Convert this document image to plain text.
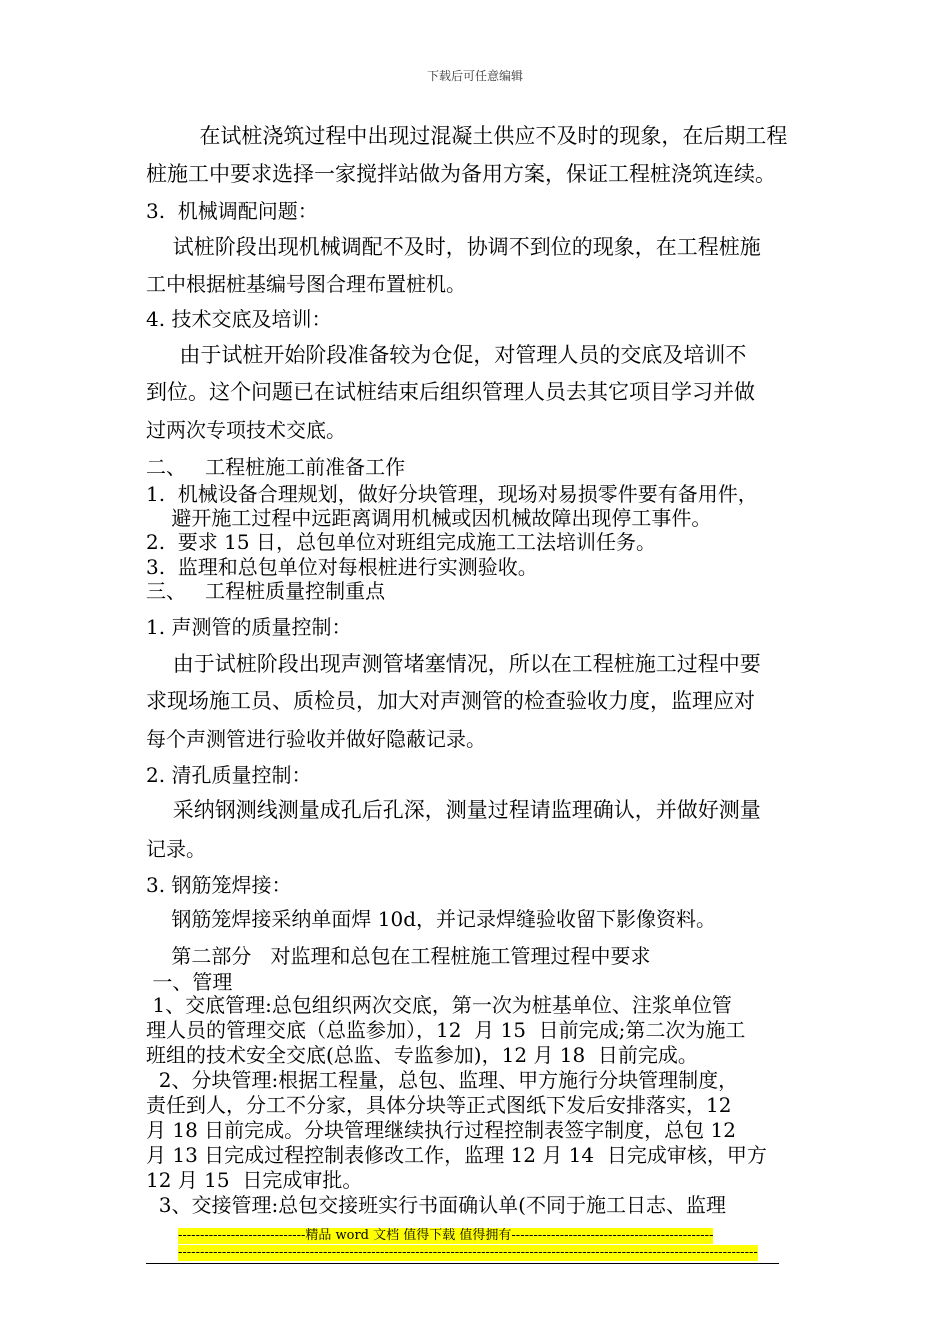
下载后可任意编辑
在试桩浇筑过程中出现过混凝土供应不及时的现象，在后期工程
桩施工中要求选择一家搅拌站做为备用方案，保证工程桩浇筑连续。
3.  机械调配问题：
试桩阶段出现机械调配不及时，协调不到位的现象，在工程桩施
工中根据桩基编号图合理布置桩机。
4. 技术交底及培训：
由于试桩开始阶段准备较为仓促，对管理人员的交底及培训不
到位。这个问题已在试桩结束后组织管理人员去其它项目学习并做
过两次专项技术交底。
二、   工程桩施工前准备工作
1.  机械设备合理规划，做好分块管理，现场对易损零件要有备用件，
避开施工过程中远距离调用机械或因机械故障出现停工事件。
2.  要求 15 日，总包单位对班组完成施工工法培训任务。
3.  监理和总包单位对每根桩进行实测验收。
三、   工程桩质量控制重点
1. 声测管的质量控制：
由于试桩阶段出现声测管堵塞情况，所以在工程桩施工过程中要
求现场施工员、质检员，加大对声测管的检查验收力度，监理应对
每个声测管进行验收并做好隐蔽记录。
2. 清孔质量控制：
采纳钢测线测量成孔后孔深，测量过程请监理确认，并做好测量
记录。
3. 钢筋笼焊接：
钢筋笼焊接采纳单面焊 10d，并记录焊缝验收留下影像资料。
第二部分   对监理和总包在工程桩施工管理过程中要求
一、管理
1、交底管理:总包组织两次交底，第一次为桩基单位、注浆单位管
理人员的管理交底（总监参加），12  月 15  日前完成;第二次为施工
班组的技术安全交底(总监、专监参加)，12 月 18  日前完成。
2、分块管理:根据工程量，总包、监理、甲方施行分块管理制度，
责任到人，分工不分家，具体分块等正式图纸下发后安排落实，12
月 18 日前完成。分块管理继续执行过程控制表签字制度，总包 12
月 13 日完成过程控制表修改工作，监理 12 月 14  日完成审核，甲方
12 月 15  日完成审批。
3、交接管理:总包交接班实行书面确认单(不同于施工日志、监理
-----------------------------精品 word 文档 值得下载 值得拥有----------------------------------------------
------------------------------------------------------------------------------------------------------------------------------------
